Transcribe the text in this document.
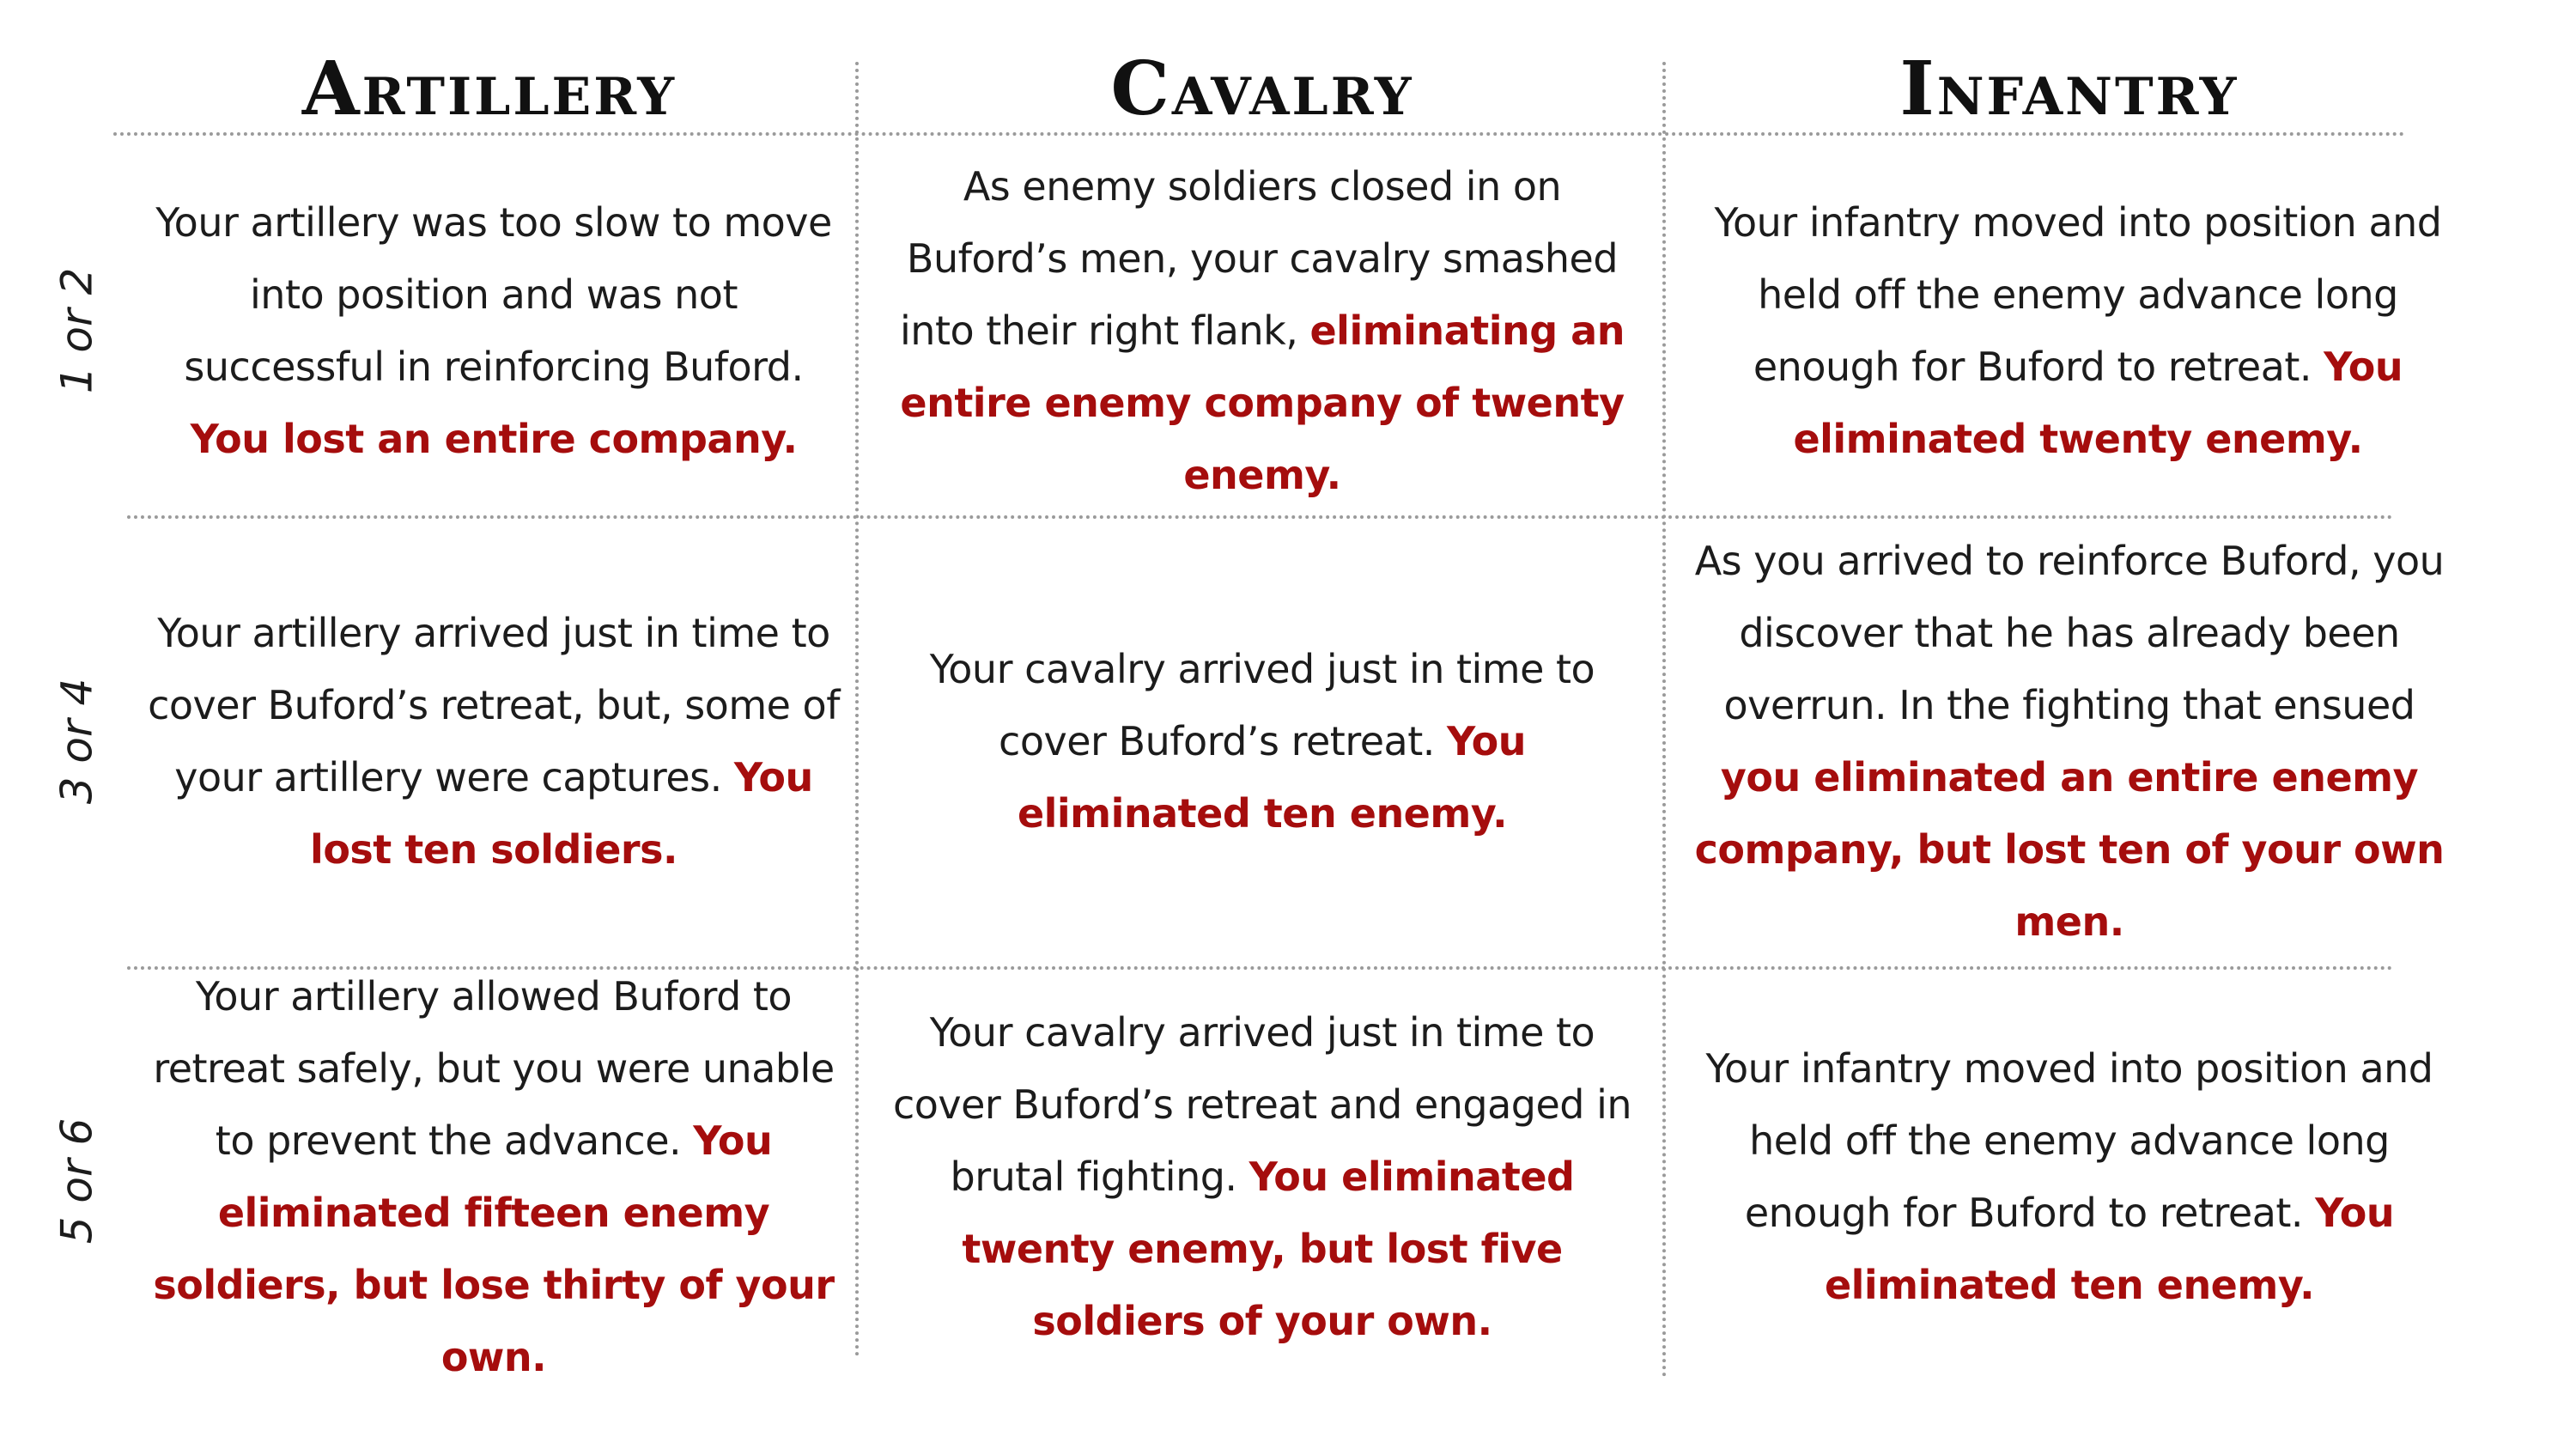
Artillery	Cavalry	Infantry
1 or 2
3 or 4
5 or 6

Your artillery was too slow to move into position and was not successful in reinforcing Buford. You lost an entire company.

As enemy soldiers closed in on Buford’s men, your cavalry smashed into their right flank, eliminating an entire enemy company of twenty enemy.

Your infantry moved into position and held off the enemy advance long enough for Buford to retreat. You eliminated twenty enemy.

Your artillery arrived just in time to cover Buford’s retreat, but, some of your artillery were captures. You lost ten soldiers.

Your cavalry arrived just in time to cover Buford’s retreat. You eliminated ten enemy.

As you arrived to reinforce Buford, you discover that he has already been overrun. In the fighting that ensued you eliminated an entire enemy company, but lost ten of your own men.

Your artillery allowed Buford to retreat safely, but you were unable to prevent the advance. You eliminated fifteen enemy soldiers, but lose thirty of your own.

Your cavalry arrived just in time to cover Buford’s retreat and engaged in brutal fighting. You eliminated twenty enemy, but lost five soldiers of your own.

Your infantry moved into position and held off the enemy advance long enough for Buford to retreat. You eliminated ten enemy.
